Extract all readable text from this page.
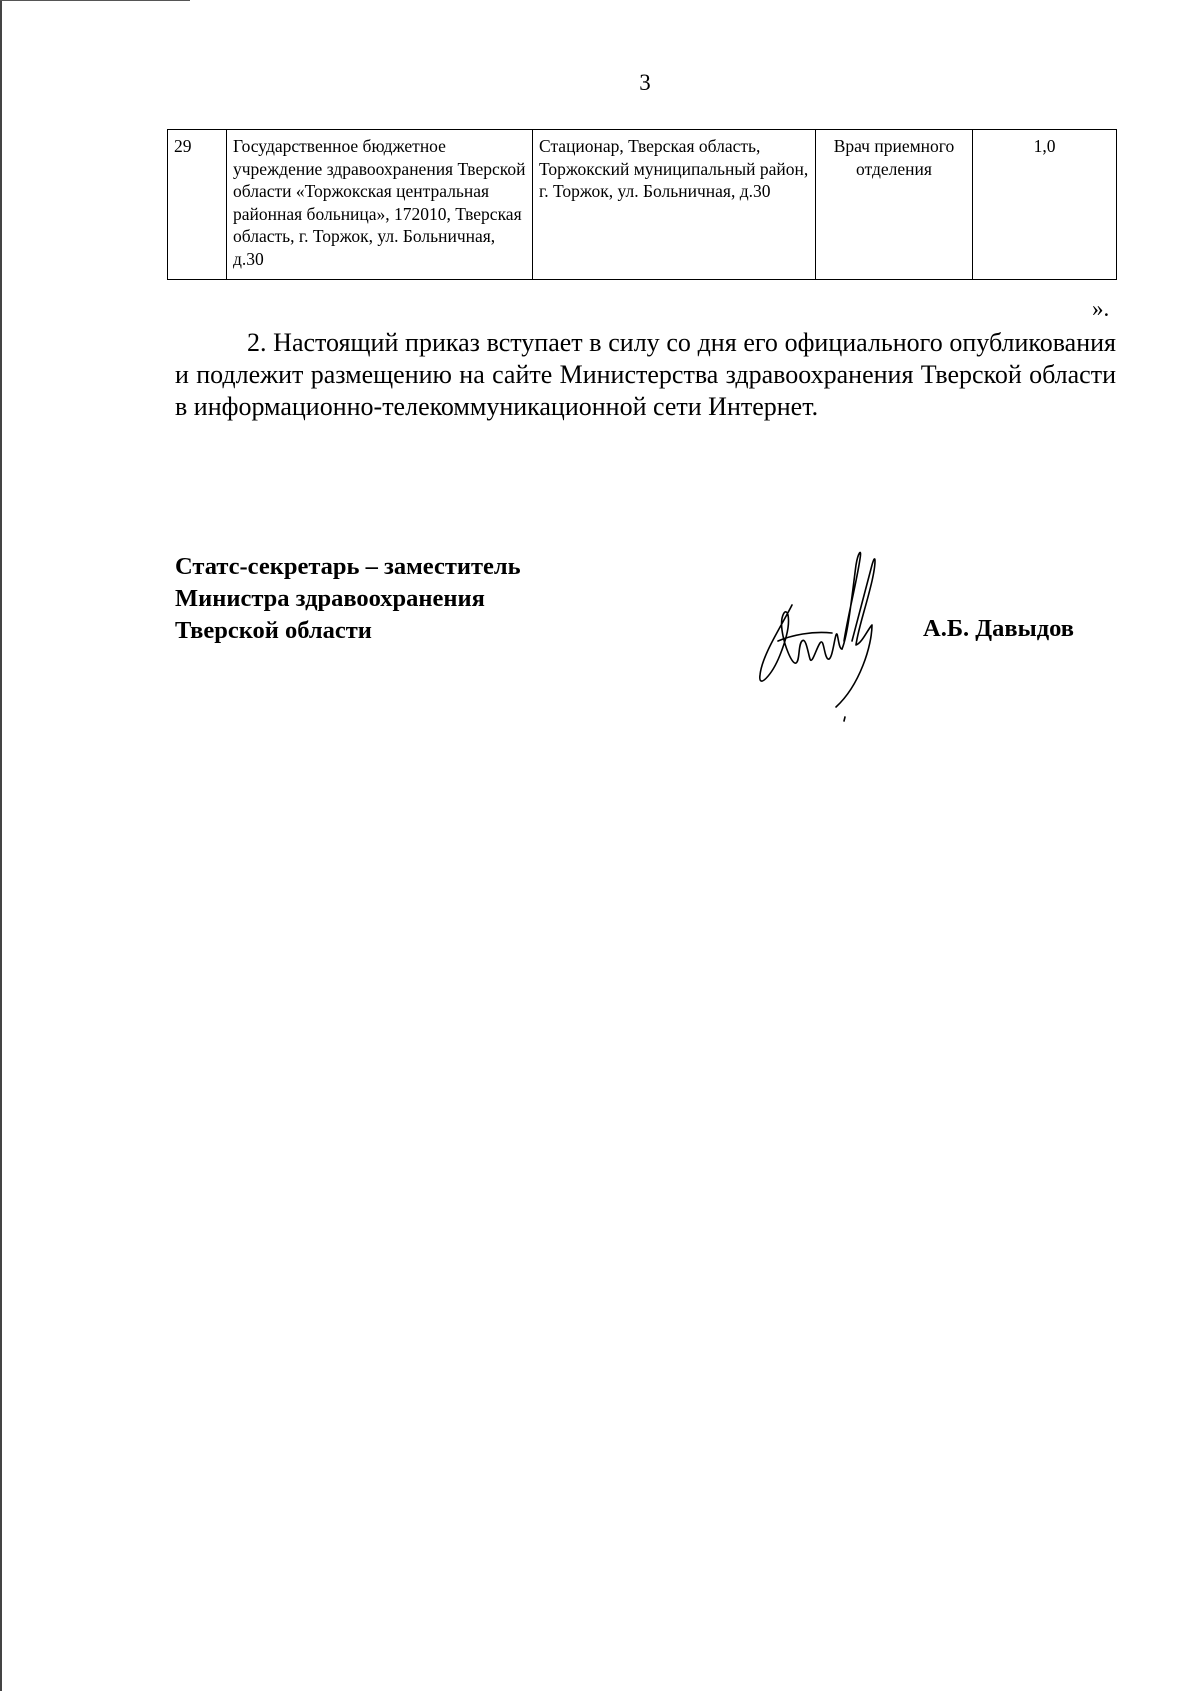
3
29	Государственное бюджетное учреждение здравоохранения Тверской области «Торжокская центральная районная больница», 172010, Тверская область, г. Торжок, ул. Больничная, д.30	Стационар, Тверская область, Торжокский муниципальный район, г. Торжок, ул. Больничная, д.30	Врач приемного отделения	1,0
».
2. Настоящий приказ вступает в силу со дня его официального опубликования и подлежит размещению на сайте Министерства здравоохранения Тверской области в информационно-телекоммуникационной сети Интернет.
Статс-секретарь – заместитель
Министра здравоохранения
Тверской области	А.Б. Давыдов
